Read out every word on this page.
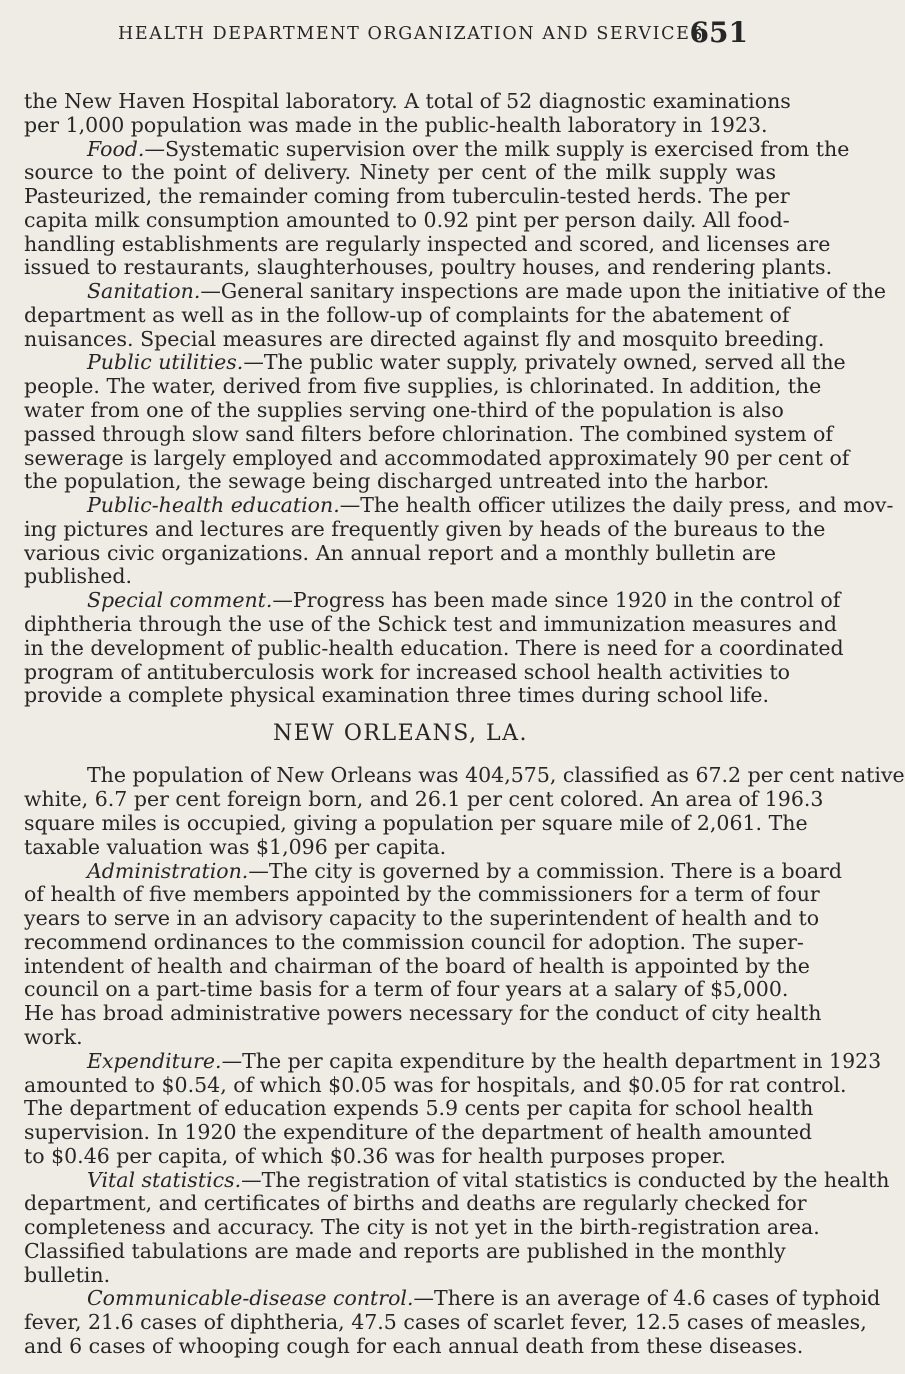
HEALTH DEPARTMENT ORGANIZATION AND SERVICES
651
the New Haven Hospital laboratory. A total of 52 diagnostic examinations
per 1,000 population was made in the public-health laboratory in 1923.
Food.—Systematic supervision over the milk supply is exercised from the
source to the point of delivery. Ninety per cent of the milk supply was
Pasteurized, the remainder coming from tuberculin-tested herds. The per
capita milk consumption amounted to 0.92 pint per person daily. All food-
handling establishments are regularly inspected and scored, and licenses are
issued to restaurants, slaughterhouses, poultry houses, and rendering plants.
Sanitation.—General sanitary inspections are made upon the initiative of the
department as well as in the follow-up of complaints for the abatement of
nuisances. Special measures are directed against fly and mosquito breeding.
Public utilities.—The public water supply, privately owned, served all the
people. The water, derived from five supplies, is chlorinated. In addition, the
water from one of the supplies serving one-third of the population is also
passed through slow sand filters before chlorination. The combined system of
sewerage is largely employed and accommodated approximately 90 per cent of
the population, the sewage being discharged untreated into the harbor.
Public-health education.—The health officer utilizes the daily press, and mov-
ing pictures and lectures are frequently given by heads of the bureaus to the
various civic organizations. An annual report and a monthly bulletin are
published.
Special comment.—Progress has been made since 1920 in the control of
diphtheria through the use of the Schick test and immunization measures and
in the development of public-health education. There is need for a coordinated
program of antituberculosis work for increased school health activities to
provide a complete physical examination three times during school life.
NEW ORLEANS, LA.
The population of New Orleans was 404,575, classified as 67.2 per cent native
white, 6.7 per cent foreign born, and 26.1 per cent colored. An area of 196.3
square miles is occupied, giving a population per square mile of 2,061. The
taxable valuation was $1,096 per capita.
Administration.—The city is governed by a commission. There is a board
of health of five members appointed by the commissioners for a term of four
years to serve in an advisory capacity to the superintendent of health and to
recommend ordinances to the commission council for adoption. The super-
intendent of health and chairman of the board of health is appointed by the
council on a part-time basis for a term of four years at a salary of $5,000.
He has broad administrative powers necessary for the conduct of city health
work.
Expenditure.—The per capita expenditure by the health department in 1923
amounted to $0.54, of which $0.05 was for hospitals, and $0.05 for rat control.
The department of education expends 5.9 cents per capita for school health
supervision. In 1920 the expenditure of the department of health amounted
to $0.46 per capita, of which $0.36 was for health purposes proper.
Vital statistics.—The registration of vital statistics is conducted by the health
department, and certificates of births and deaths are regularly checked for
completeness and accuracy. The city is not yet in the birth-registration area.
Classified tabulations are made and reports are published in the monthly
bulletin.
Communicable-disease control.—There is an average of 4.6 cases of typhoid
fever, 21.6 cases of diphtheria, 47.5 cases of scarlet fever, 12.5 cases of measles,
and 6 cases of whooping cough for each annual death from these diseases.
